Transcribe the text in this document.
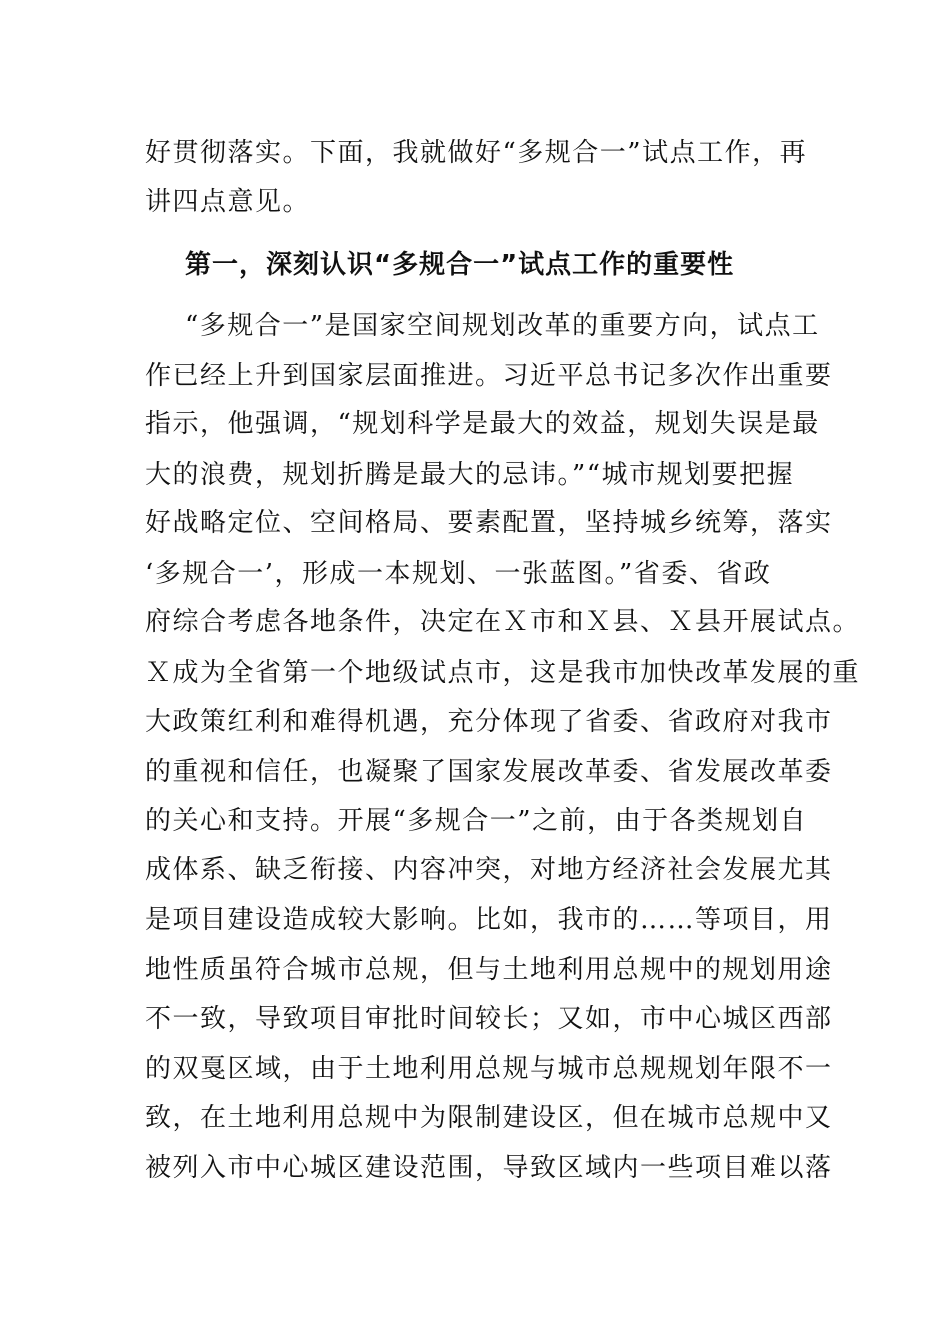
好贯彻落实。下面，我就做好“多规合一”试点工作，再
讲四点意见。
第一，深刻认识“多规合一”试点工作的重要性
“多规合一”是国家空间规划改革的重要方向，试点工
作已经上升到国家层面推进。习近平总书记多次作出重要
指示，他强调，“规划科学是最大的效益，规划失误是最
大的浪费，规划折腾是最大的忌讳。”“城市规划要把握
好战略定位、空间格局、要素配置，坚持城乡统筹，落实
‘多规合一’，形成一本规划、一张蓝图。”省委、省政
府综合考虑各地条件，决定在Ｘ市和Ｘ县、Ｘ县开展试点。
Ｘ成为全省第一个地级试点市，这是我市加快改革发展的重
大政策红利和难得机遇，充分体现了省委、省政府对我市
的重视和信任，也凝聚了国家发展改革委、省发展改革委
的关心和支持。开展“多规合一”之前，由于各类规划自
成体系、缺乏衔接、内容冲突，对地方经济社会发展尤其
是项目建设造成较大影响。比如，我市的……等项目，用
地性质虽符合城市总规，但与土地利用总规中的规划用途
不一致，导致项目审批时间较长；又如，市中心城区西部
的双戛区域，由于土地利用总规与城市总规规划年限不一
致，在土地利用总规中为限制建设区，但在城市总规中又
被列入市中心城区建设范围，导致区域内一些项目难以落
